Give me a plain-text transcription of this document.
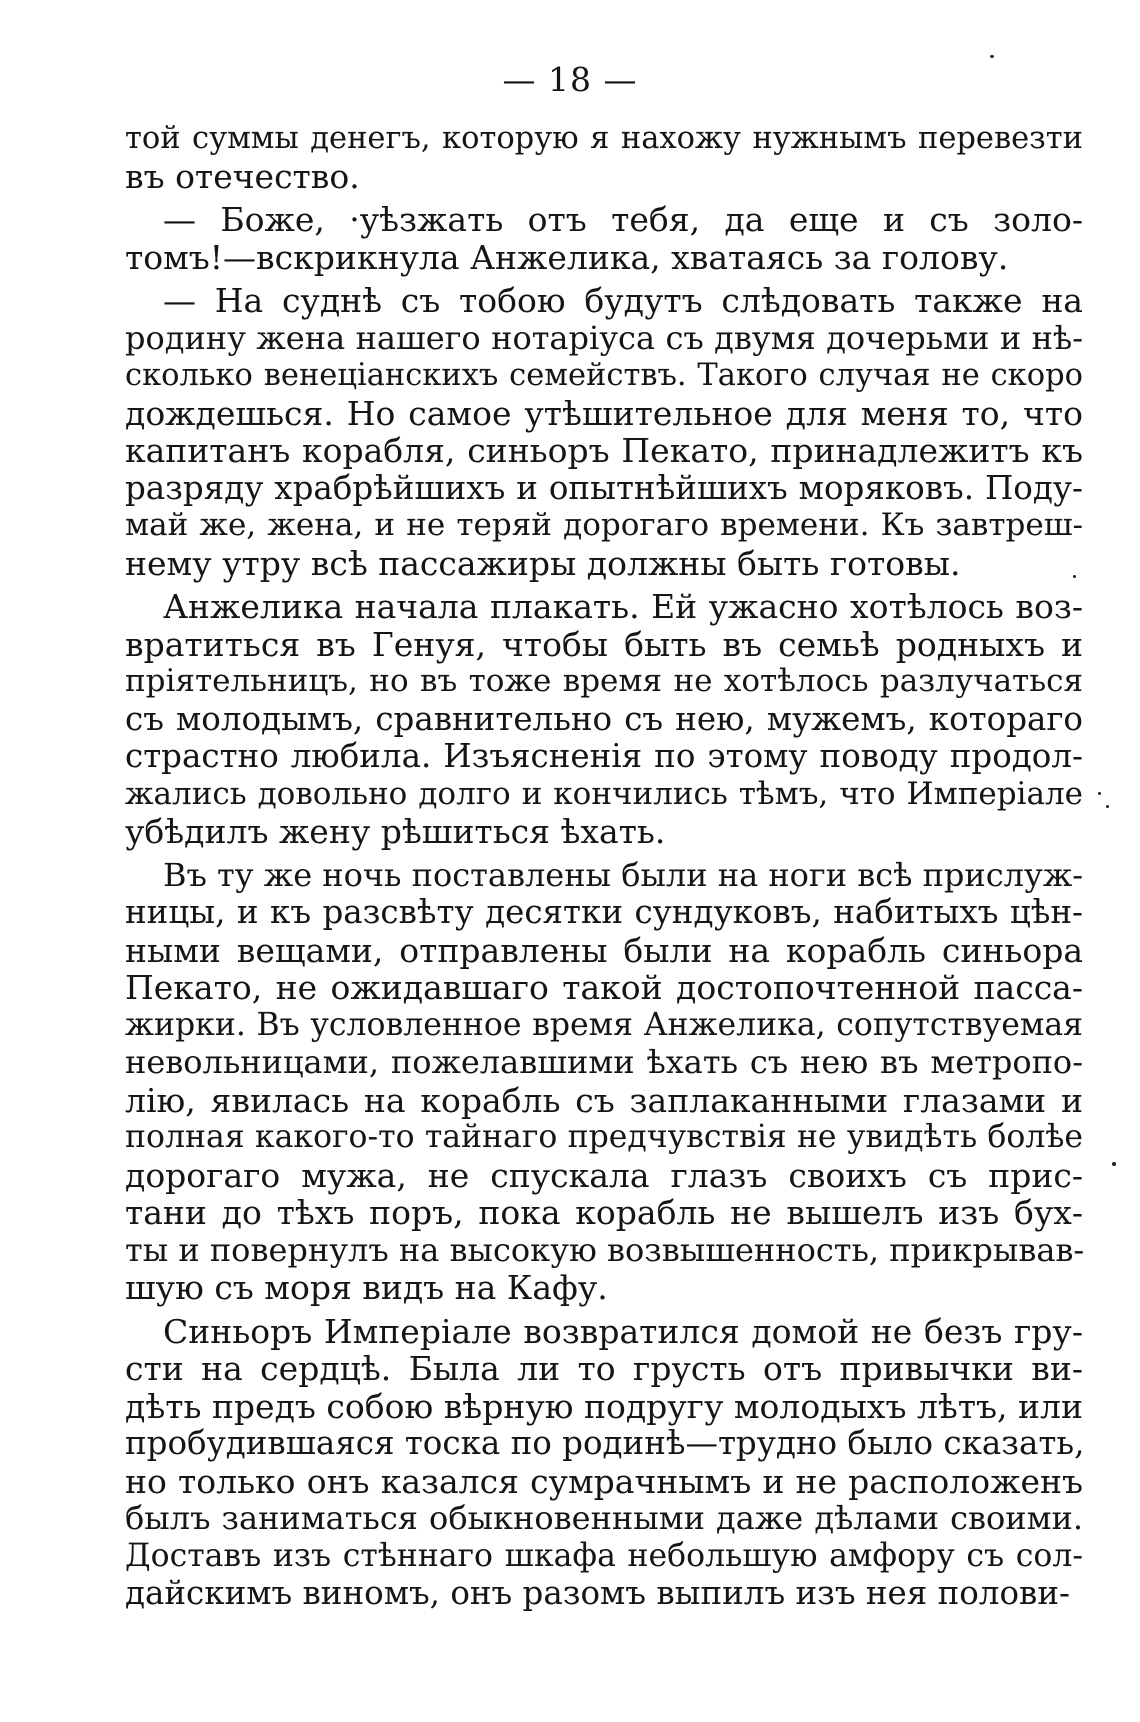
— 18 —
той суммы денегъ, которую я нахожу нужнымъ перевезти
въ отечество.
— Боже, ·уѣзжать отъ тебя, да еще и съ золо-
томъ!—вскрикнула Анжелика, хватаясь за голову.
— На суднѣ съ тобою будутъ слѣдовать также на
родину жена нашего нотаріуса съ двумя дочерьми и нѣ-
сколько венеціанскихъ семействъ. Такого случая не скоро
дождешься. Но самое утѣшительное для меня то, что
капитанъ корабля, синьоръ Пекато, принадлежитъ къ
разряду храбрѣйшихъ и опытнѣйшихъ моряковъ. Поду-
май же, жена, и не теряй дорогаго времени. Къ завтреш-
нему утру всѣ пассажиры должны быть готовы.
Анжелика начала плакать. Ей ужасно хотѣлось воз-
вратиться въ Генуя, чтобы быть въ семьѣ родныхъ и
пріятельницъ, но въ тоже время не хотѣлось разлучаться
съ молодымъ, сравнительно съ нею, мужемъ, котораго
страстно любила. Изъясненія по этому поводу продол-
жались довольно долго и кончились тѣмъ, что Имперіале
убѣдилъ жену рѣшиться ѣхать.
Въ ту же ночь поставлены были на ноги всѣ прислуж-
ницы, и къ разсвѣту десятки сундуковъ, набитыхъ цѣн-
ными вещами, отправлены были на корабль синьора
Пекато, не ожидавшаго такой достопочтенной пасса-
жирки. Въ условленное время Анжелика, сопутствуемая
невольницами, пожелавшими ѣхать съ нею въ метропо-
лію, явилась на корабль съ заплаканными глазами и
полная какого-то тайнаго предчувствія не увидѣть болѣе
дорогаго мужа, не спускала глазъ своихъ съ прис-
тани до тѣхъ поръ, пока корабль не вышелъ изъ бух-
ты и повернулъ на высокую возвышенность, прикрывав-
шую съ моря видъ на Кафу.
Синьоръ Имперіале возвратился домой не безъ гру-
сти на сердцѣ. Была ли то грусть отъ привычки ви-
дѣть предъ собою вѣрную подругу молодыхъ лѣтъ, или
пробудившаяся тоска по родинѣ—трудно было сказать,
но только онъ казался сумрачнымъ и не расположенъ
былъ заниматься обыкновенными даже дѣлами своими.
Доставъ изъ стѣннаго шкафа небольшую амфору съ сол-
дайскимъ виномъ, онъ разомъ выпилъ изъ нея полови-
